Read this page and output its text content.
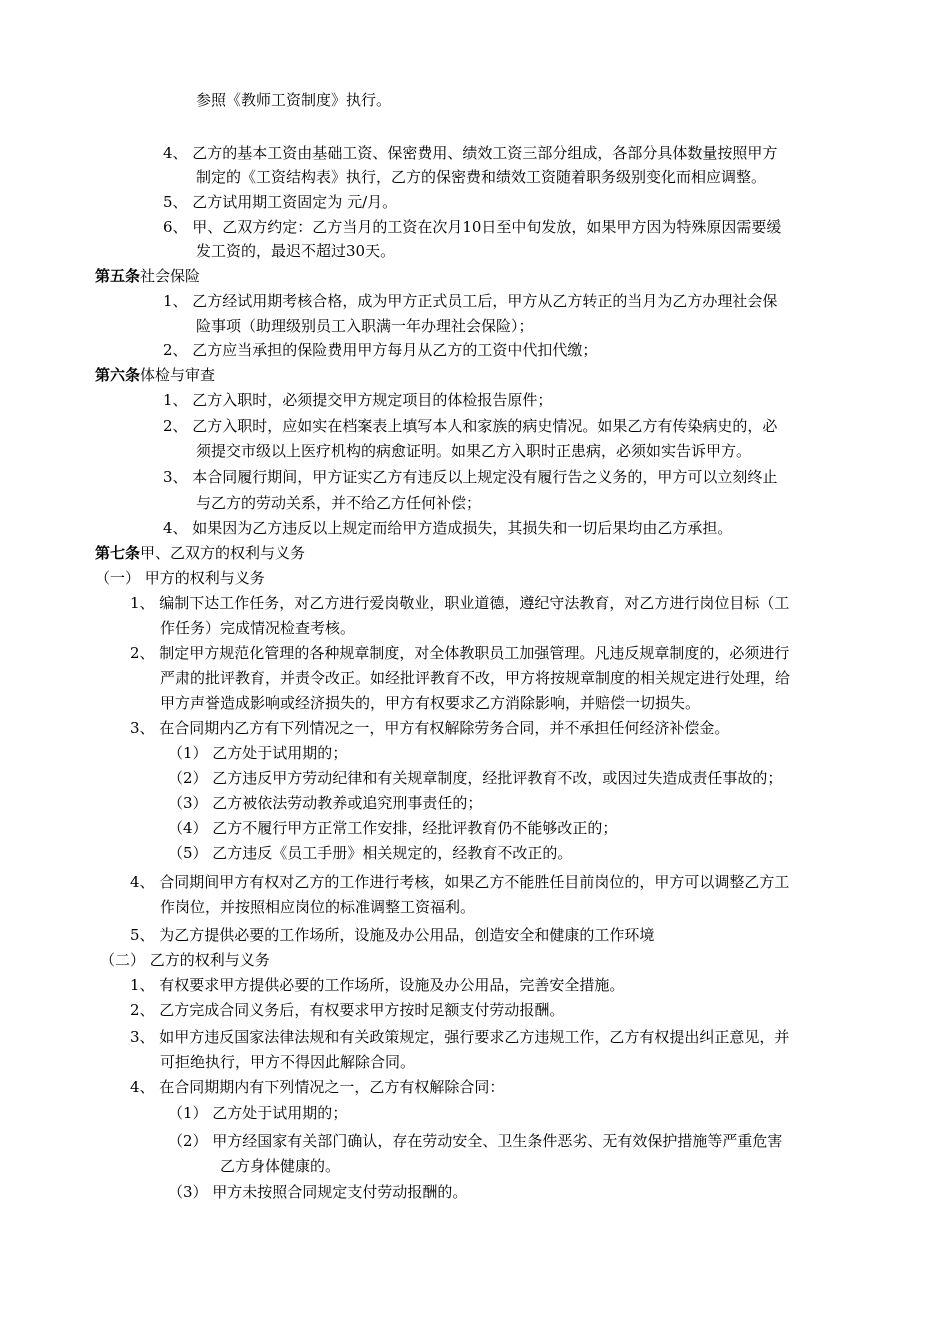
参照《教师工资制度》执行。
4、 乙方的基本工资由基础工资、保密费用、绩效工资三部分组成，各部分具体数量按照甲方
制定的《工资结构表》执行，乙方的保密费和绩效工资随着职务级别变化而相应调整。
5、 乙方试用期工资固定为 元/月。
6、 甲、乙双方约定：乙方当月的工资在次月10日至中旬发放，如果甲方因为特殊原因需要缓
发工资的，最迟不超过30天。
第五条社会保险
1、 乙方经试用期考核合格，成为甲方正式员工后，甲方从乙方转正的当月为乙方办理社会保
险事项（助理级别员工入职满一年办理社会保险）；
2、 乙方应当承担的保险费用甲方每月从乙方的工资中代扣代缴；
第六条体检与审查
1、 乙方入职时，必须提交甲方规定项目的体检报告原件；
2、 乙方入职时，应如实在档案表上填写本人和家族的病史情况。如果乙方有传染病史的，必
须提交市级以上医疗机构的病愈证明。如果乙方入职时正患病，必须如实告诉甲方。
3、 本合同履行期间，甲方证实乙方有违反以上规定没有履行告之义务的，甲方可以立刻终止
与乙方的劳动关系，并不给乙方任何补偿；
4、 如果因为乙方违反以上规定而给甲方造成损失，其损失和一切后果均由乙方承担。
第七条甲、乙双方的权利与义务
（一） 甲方的权利与义务
1、 编制下达工作任务，对乙方进行爱岗敬业，职业道德，遵纪守法教育，对乙方进行岗位目标（工
作任务）完成情况检查考核。
2、 制定甲方规范化管理的各种规章制度，对全体教职员工加强管理。凡违反规章制度的，必须进行
严肃的批评教育，并责令改正。如经批评教育不改，甲方将按规章制度的相关规定进行处理，给
甲方声誉造成影响或经济损失的，甲方有权要求乙方消除影响，并赔偿一切损失。
3、 在合同期内乙方有下列情况之一，甲方有权解除劳务合同，并不承担任何经济补偿金。
（1） 乙方处于试用期的；
（2） 乙方违反甲方劳动纪律和有关规章制度，经批评教育不改，或因过失造成责任事故的；
（3） 乙方被依法劳动教养或追究刑事责任的；
（4） 乙方不履行甲方正常工作安排，经批评教育仍不能够改正的；
（5） 乙方违反《员工手册》相关规定的，经教育不改正的。
4、 合同期间甲方有权对乙方的工作进行考核，如果乙方不能胜任目前岗位的，甲方可以调整乙方工
作岗位，并按照相应岗位的标准调整工资福利。
5、 为乙方提供必要的工作场所，设施及办公用品，创造安全和健康的工作环境
（二） 乙方的权利与义务
1、 有权要求甲方提供必要的工作场所，设施及办公用品，完善安全措施。
2、 乙方完成合同义务后，有权要求甲方按时足额支付劳动报酬。
3、 如甲方违反国家法律法规和有关政策规定，强行要求乙方违规工作，乙方有权提出纠正意见，并
可拒绝执行，甲方不得因此解除合同。
4、 在合同期期内有下列情况之一，乙方有权解除合同：
（1） 乙方处于试用期的；
（2） 甲方经国家有关部门确认，存在劳动安全、卫生条件恶劣、无有效保护措施等严重危害
乙方身体健康的。
（3） 甲方未按照合同规定支付劳动报酬的。
